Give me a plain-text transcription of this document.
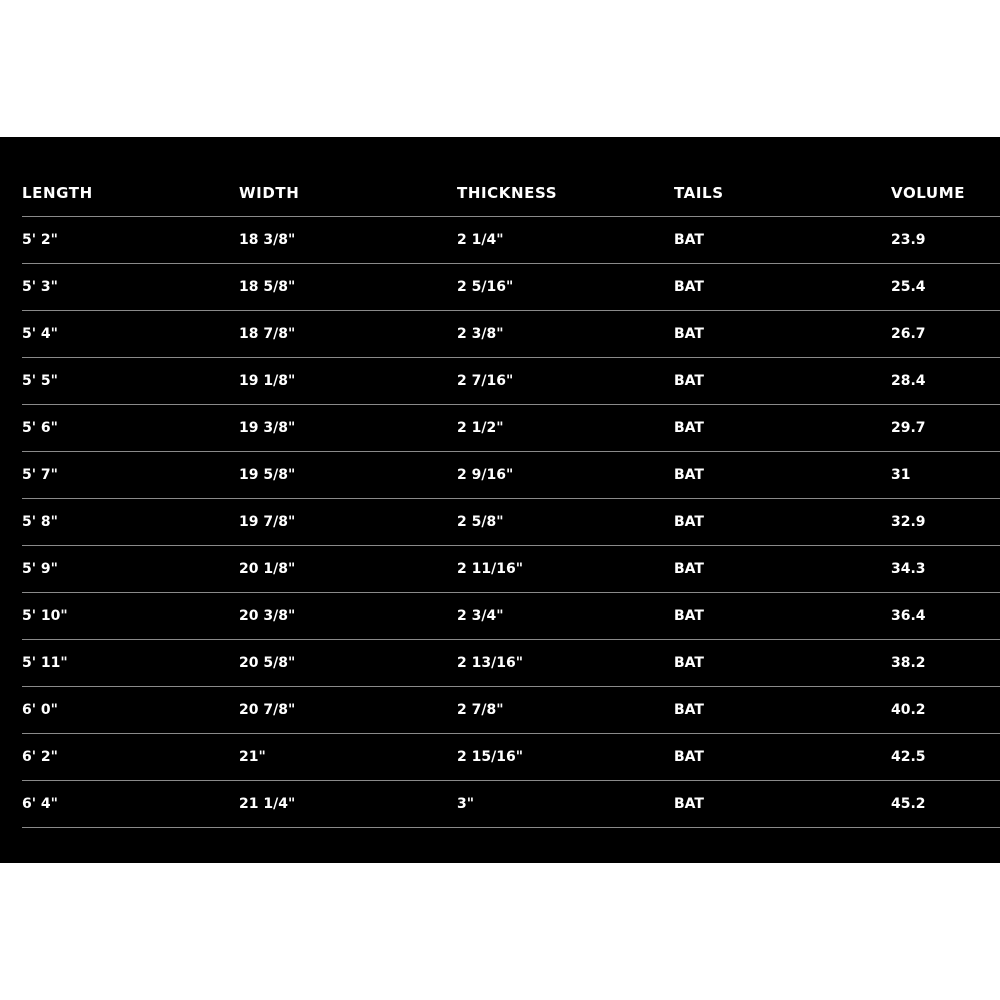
LENGTH	WIDTH	THICKNESS	TAILS	VOLUME
5' 2"	18 3/8"	2 1/4"	BAT	23.9
5' 3"	18 5/8"	2 5/16"	BAT	25.4
5' 4"	18 7/8"	2 3/8"	BAT	26.7
5' 5"	19 1/8"	2 7/16"	BAT	28.4
5' 6"	19 3/8"	2 1/2"	BAT	29.7
5' 7"	19 5/8"	2 9/16"	BAT	31
5' 8"	19 7/8"	2 5/8"	BAT	32.9
5' 9"	20 1/8"	2 11/16"	BAT	34.3
5' 10"	20 3/8"	2 3/4"	BAT	36.4
5' 11"	20 5/8"	2 13/16"	BAT	38.2
6' 0"	20 7/8"	2 7/8"	BAT	40.2
6' 2"	21"	2 15/16"	BAT	42.5
6' 4"	21 1/4"	3"	BAT	45.2
